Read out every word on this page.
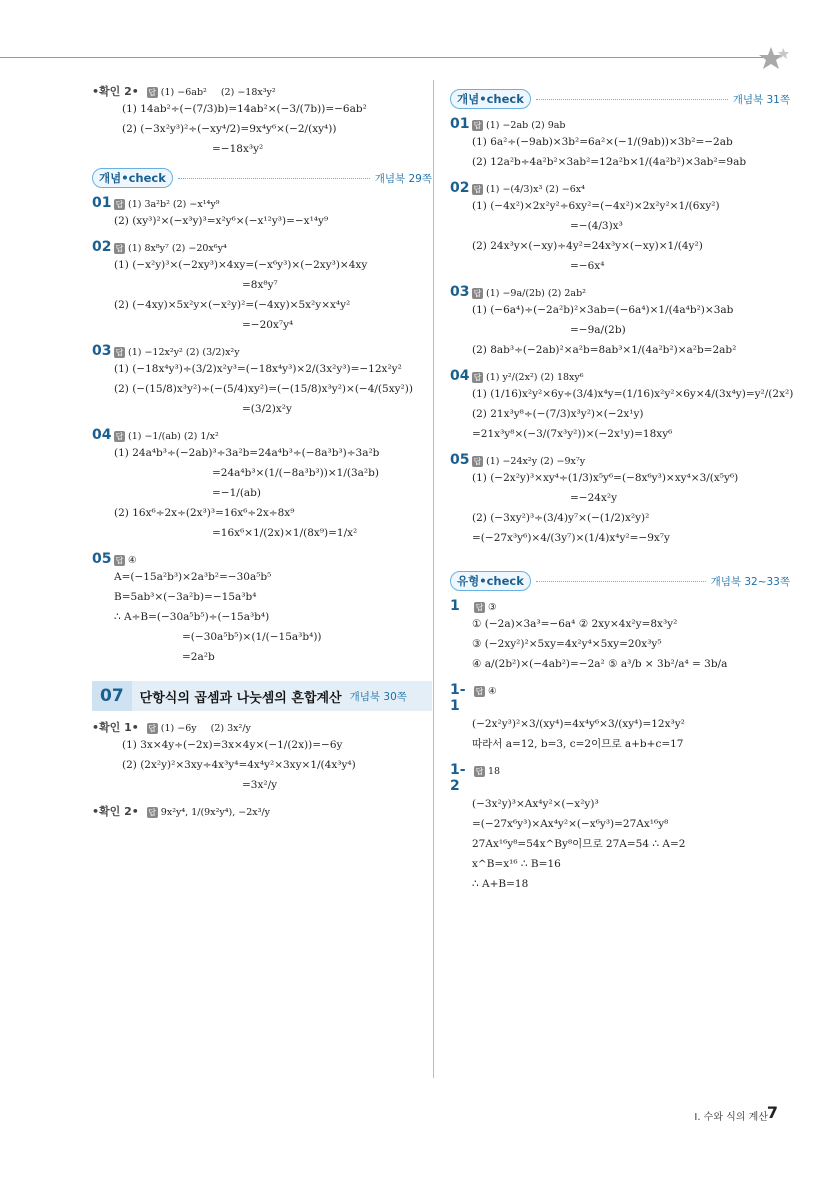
•확인 2• 답 (1) −6ab² (2) −18x³y²
(1) 14ab²÷(−(7/3)b)=14ab²×(−3/(7b))=−6ab²
(2) (−3x²y³)²÷(−xy⁴/2)=9x⁴y⁶×(−2/(xy⁴))
=−18x³y²
개념•check	개념북 29쪽
01 답 (1) 3a²b² (2) −x¹⁴y⁹
(2) (xy³)²×(−x³y)³=x²y⁶×(−x¹²y³)=−x¹⁴y⁹
02 답 (1) 8x⁸y⁷ (2) −20x⁶y⁴
(1) (−x²y)³×(−2xy³)×4xy=(−x⁶y³)×(−2xy³)×4xy
=8x⁸y⁷
(2) (−4xy)×5x²y×(−x²y)²=(−4xy)×5x²y×x⁴y²
=−20x⁷y⁴
03 답 (1) −12x²y² (2) (3/2)x²y
(1) (−18x⁴y³)÷(3/2)x²y³=(−18x⁴y³)×2/(3x²y³)=−12x²y²
(2) (−(15/8)x³y²)÷(−(5/4)xy²)=(−(15/8)x³y²)×(−4/(5xy²))
=(3/2)x²y
04 답 (1) −1/(ab) (2) 1/x²
(1) 24a⁴b³÷(−2ab)³÷3a²b=24a⁴b³÷(−8a³b³)÷3a²b
=24a⁴b³×(1/(−8a³b³))×1/(3a²b)
=−1/(ab)
(2) 16x⁶÷2x÷(2x³)³=16x⁶÷2x÷8x⁹
=16x⁶×1/(2x)×1/(8x⁹)=1/x²
05 답 ④
A=(−15a²b³)×2a³b²=−30a⁵b⁵
B=5ab³×(−3a²b)=−15a³b⁴
∴ A÷B=(−30a⁵b⁵)÷(−15a³b⁴)
=(−30a⁵b⁵)×(1/(−15a³b⁴))
=2a²b
07	단항식의 곱셈과 나눗셈의 혼합계산 개념북 30쪽
•확인 1• 답 (1) −6y (2) 3x²/y
(1) 3x×4y÷(−2x)=3x×4y×(−1/(2x))=−6y
(2) (2x²y)²×3xy÷4x³y⁴=4x⁴y²×3xy×1/(4x³y⁴)
=3x²/y
•확인 2• 답 9x²y⁴, 1/(9x²y⁴), −2x³/y
개념•check	개념북 31쪽
01 답 (1) −2ab (2) 9ab
(1) 6a²÷(−9ab)×3b²=6a²×(−1/(9ab))×3b²=−2ab
(2) 12a²b÷4a²b²×3ab²=12a²b×1/(4a²b²)×3ab²=9ab
02 답 (1) −(4/3)x³ (2) −6x⁴
(1) (−4x²)×2x²y²÷6xy²=(−4x²)×2x²y²×1/(6xy²)
=−(4/3)x³
(2) 24x³y×(−xy)÷4y²=24x³y×(−xy)×1/(4y²)
=−6x⁴
03 답 (1) −9a/(2b) (2) 2ab²
(1) (−6a⁴)÷(−2a²b)²×3ab=(−6a⁴)×1/(4a⁴b²)×3ab
=−9a/(2b)
(2) 8ab³÷(−2ab)²×a²b=8ab³×1/(4a²b²)×a²b=2ab²
04 답 (1) y²/(2x²) (2) 18xy⁶
(1) (1/16)x²y²×6y÷(3/4)x⁴y=(1/16)x²y²×6y×4/(3x⁴y)=y²/(2x²)
(2) 21x³y⁸÷(−(7/3)x³y²)×(−2x¹y)
=21x³y⁸×(−3/(7x³y²))×(−2x¹y)=18xy⁶
05 답 (1) −24x²y (2) −9x⁷y
(1) (−2x²y)³×xy⁴÷(1/3)x⁵y⁶=(−8x⁶y³)×xy⁴×3/(x⁵y⁶)
=−24x²y
(2) (−3xy²)³÷(3/4)y⁷×(−(1/2)x²y)²
=(−27x³y⁶)×4/(3y⁷)×(1/4)x⁴y²=−9x⁷y
유형•check	개념북 32~33쪽
1	답 ③
① (−2a)×3a³=−6a⁴ ② 2xy×4x²y=8x³y²
③ (−2xy²)²×5xy=4x²y⁴×5xy=20x³y⁵
④ a/(2b²)×(−4ab²)=−2a² ⑤ a³/b × 3b²/a⁴ = 3b/a
1-1
답 ④
(−2x²y³)²×3/(xy⁴)=4x⁴y⁶×3/(xy⁴)=12x³y²
따라서 a=12, b=3, c=2이므로 a+b+c=17
1-2
답 18
(−3x²y)³×Ax⁴y²×(−x²y)³
=(−27x⁶y³)×Ax⁴y²×(−x⁶y³)=27Ax¹⁶y⁸
27Ax¹⁶y⁸=54x^By⁸이므로 27A=54 ∴ A=2
x^B=x¹⁶ ∴ B=16
∴ A+B=18
Ⅰ. 수와 식의 계산
7
